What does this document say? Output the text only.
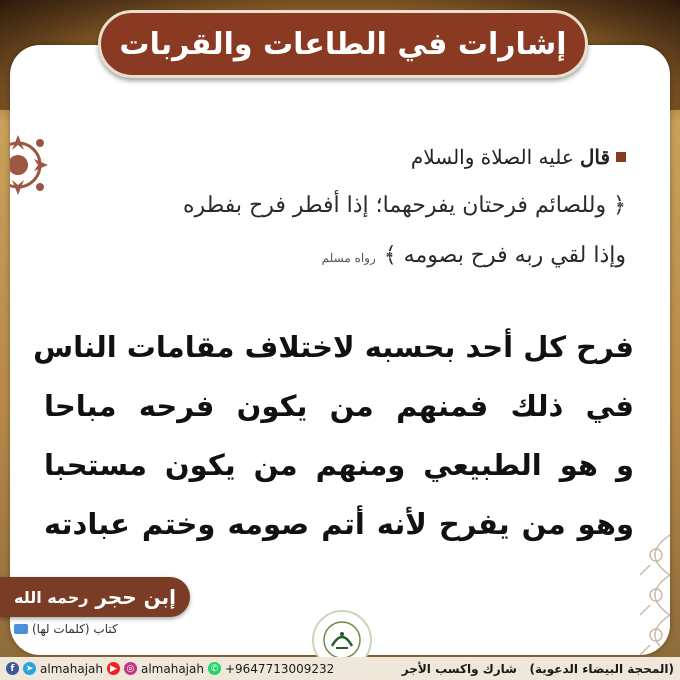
إشارات في الطاعات والقربات
قال
عليه الصلاة والسلام
﴿ وللصائم فرحتان يفرحهما؛ إذا أفطر فرح بفطره
وإذا لقي ربه فرح بصومه ﴾رواه مسلم
فرح كل أحد بحسبه لاختلاف مقامات الناس
في ذلك فمنهم من يكون فرحه مباحا
و هو الطبيعي ومنهم من يكون مستحبا
وهو من يفرح لأنه أتم صومه وختم عبادته
إبن حجر

رحمه الله
كتاب (كلمات لها)
f	➤ almahajah ▶	◎ almahajah ✆ +9647713009232	(المحجة البيضاء الدعوية)   شارك واكسب الأجر
